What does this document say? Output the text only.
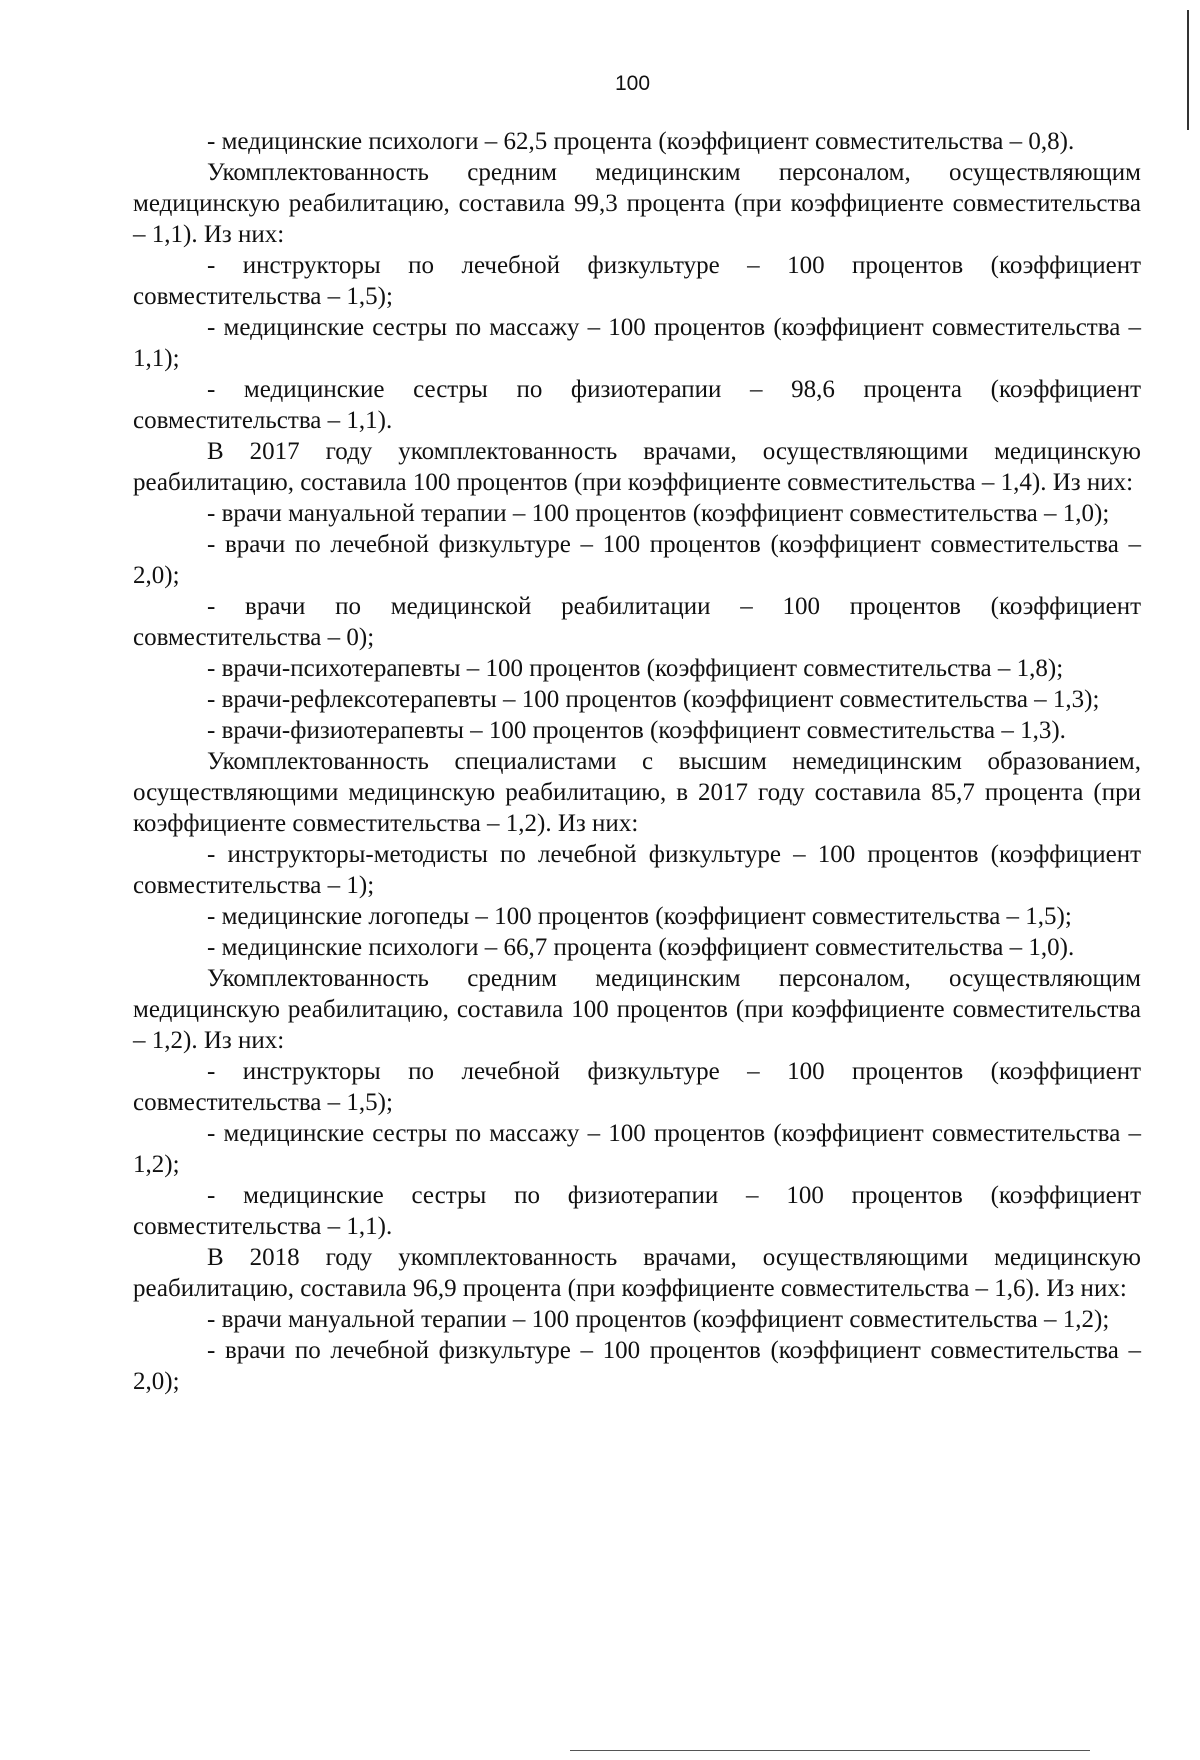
100

- медицинские психологи – 62,5 процента (коэффициент совместительства – 0,8).

Укомплектованность средним медицинским персоналом, осуществляющим медицинскую реабилитацию, составила 99,3 процента (при коэффициенте совместительства – 1,1). Из них:

- инструкторы по лечебной физкультуре – 100 процентов (коэффициент совместительства – 1,5);

- медицинские сестры по массажу – 100 процентов (коэффициент совместительства – 1,1);

- медицинские сестры по физиотерапии – 98,6 процента (коэффициент совместительства – 1,1).

В 2017 году укомплектованность врачами, осуществляющими медицинскую реабилитацию, составила 100 процентов (при коэффициенте совместительства – 1,4). Из них:

- врачи мануальной терапии – 100 процентов (коэффициент совместительства – 1,0);

- врачи по лечебной физкультуре – 100 процентов (коэффициент совместительства – 2,0);

- врачи по медицинской реабилитации – 100 процентов (коэффициент совместительства – 0);

- врачи-психотерапевты – 100 процентов (коэффициент совместительства – 1,8);

- врачи-рефлексотерапевты – 100 процентов (коэффициент совместительства – 1,3);

- врачи-физиотерапевты – 100 процентов (коэффициент совместительства – 1,3).

Укомплектованность специалистами с высшим немедицинским образованием, осуществляющими медицинскую реабилитацию, в 2017 году составила 85,7 процента (при коэффициенте совместительства – 1,2). Из них:

- инструкторы-методисты по лечебной физкультуре – 100 процентов (коэффициент совместительства – 1);

- медицинские логопеды – 100 процентов (коэффициент совместительства – 1,5);

- медицинские психологи – 66,7 процента (коэффициент совместительства – 1,0).

Укомплектованность средним медицинским персоналом, осуществляющим медицинскую реабилитацию, составила 100 процентов (при коэффициенте совместительства – 1,2). Из них:

- инструкторы по лечебной физкультуре – 100 процентов (коэффициент совместительства – 1,5);

- медицинские сестры по массажу – 100 процентов (коэффициент совместительства – 1,2);

- медицинские сестры по физиотерапии – 100 процентов (коэффициент совместительства – 1,1).

В 2018 году укомплектованность врачами, осуществляющими медицинскую реабилитацию, составила 96,9 процента (при коэффициенте совместительства – 1,6). Из них:

- врачи мануальной терапии – 100 процентов (коэффициент совместительства – 1,2);

- врачи по лечебной физкультуре – 100 процентов (коэффициент совместительства – 2,0);
